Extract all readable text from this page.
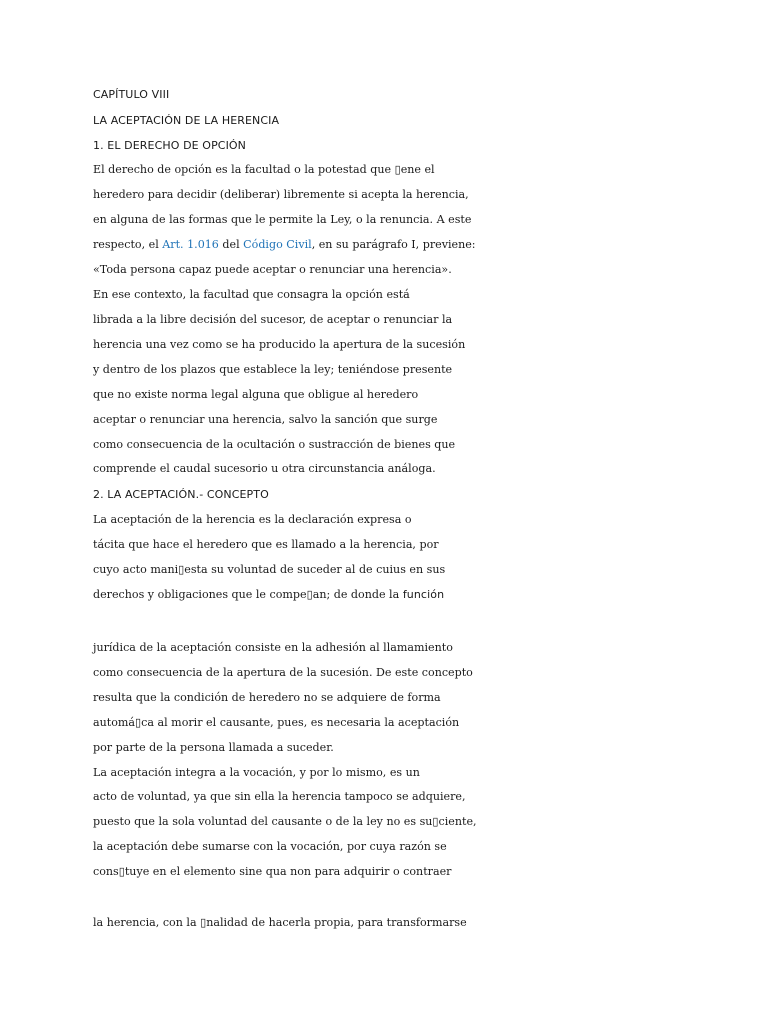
CAPÍTULO VIII
LA ACEPTACIÓN DE LA HERENCIA
1. EL DERECHO DE OPCIÓN
El derecho de opción es la facultad o la potestad que ▯ene el
heredero para decidir (deliberar) libremente si acepta la herencia,
en alguna de las formas que le permite la Ley, o la renuncia. A este
respecto, el Art. 1.016 del Código Civil, en su parágrafo I, previene:
«Toda persona capaz puede aceptar o renunciar una herencia».
En ese contexto, la facultad que consagra la opción está
librada a la libre decisión del sucesor, de aceptar o renunciar la
herencia una vez como se ha producido la apertura de la sucesión
y dentro de los plazos que establece la ley; teniéndose presente
que no existe norma legal alguna que obligue al heredero
aceptar o renunciar una herencia, salvo la sanción que surge
como consecuencia de la ocultación o sustracción de bienes que
comprende el caudal sucesorio u otra circunstancia análoga.
2. LA ACEPTACIÓN.- CONCEPTO
La aceptación de la herencia es la declaración expresa o
tácita que hace el heredero que es llamado a la herencia, por
cuyo acto mani▯esta su voluntad de suceder al de cuius en sus
derechos y obligaciones que le compe▯an; de donde la función
jurídica de la aceptación consiste en la adhesión al llamamiento
como consecuencia de la apertura de la sucesión. De este concepto
resulta que la condición de heredero no se adquiere de forma
automá▯ca al morir el causante, pues, es necesaria la aceptación
por parte de la persona llamada a suceder.
La aceptación integra a la vocación, y por lo mismo, es un
acto de voluntad, ya que sin ella la herencia tampoco se adquiere,
puesto que la sola voluntad del causante o de la ley no es su▯ciente,
la aceptación debe sumarse con la vocación, por cuya razón se
cons▯tuye en el elemento sine qua non para adquirir o contraer
la herencia, con la ▯nalidad de hacerla propia, para transformarse
